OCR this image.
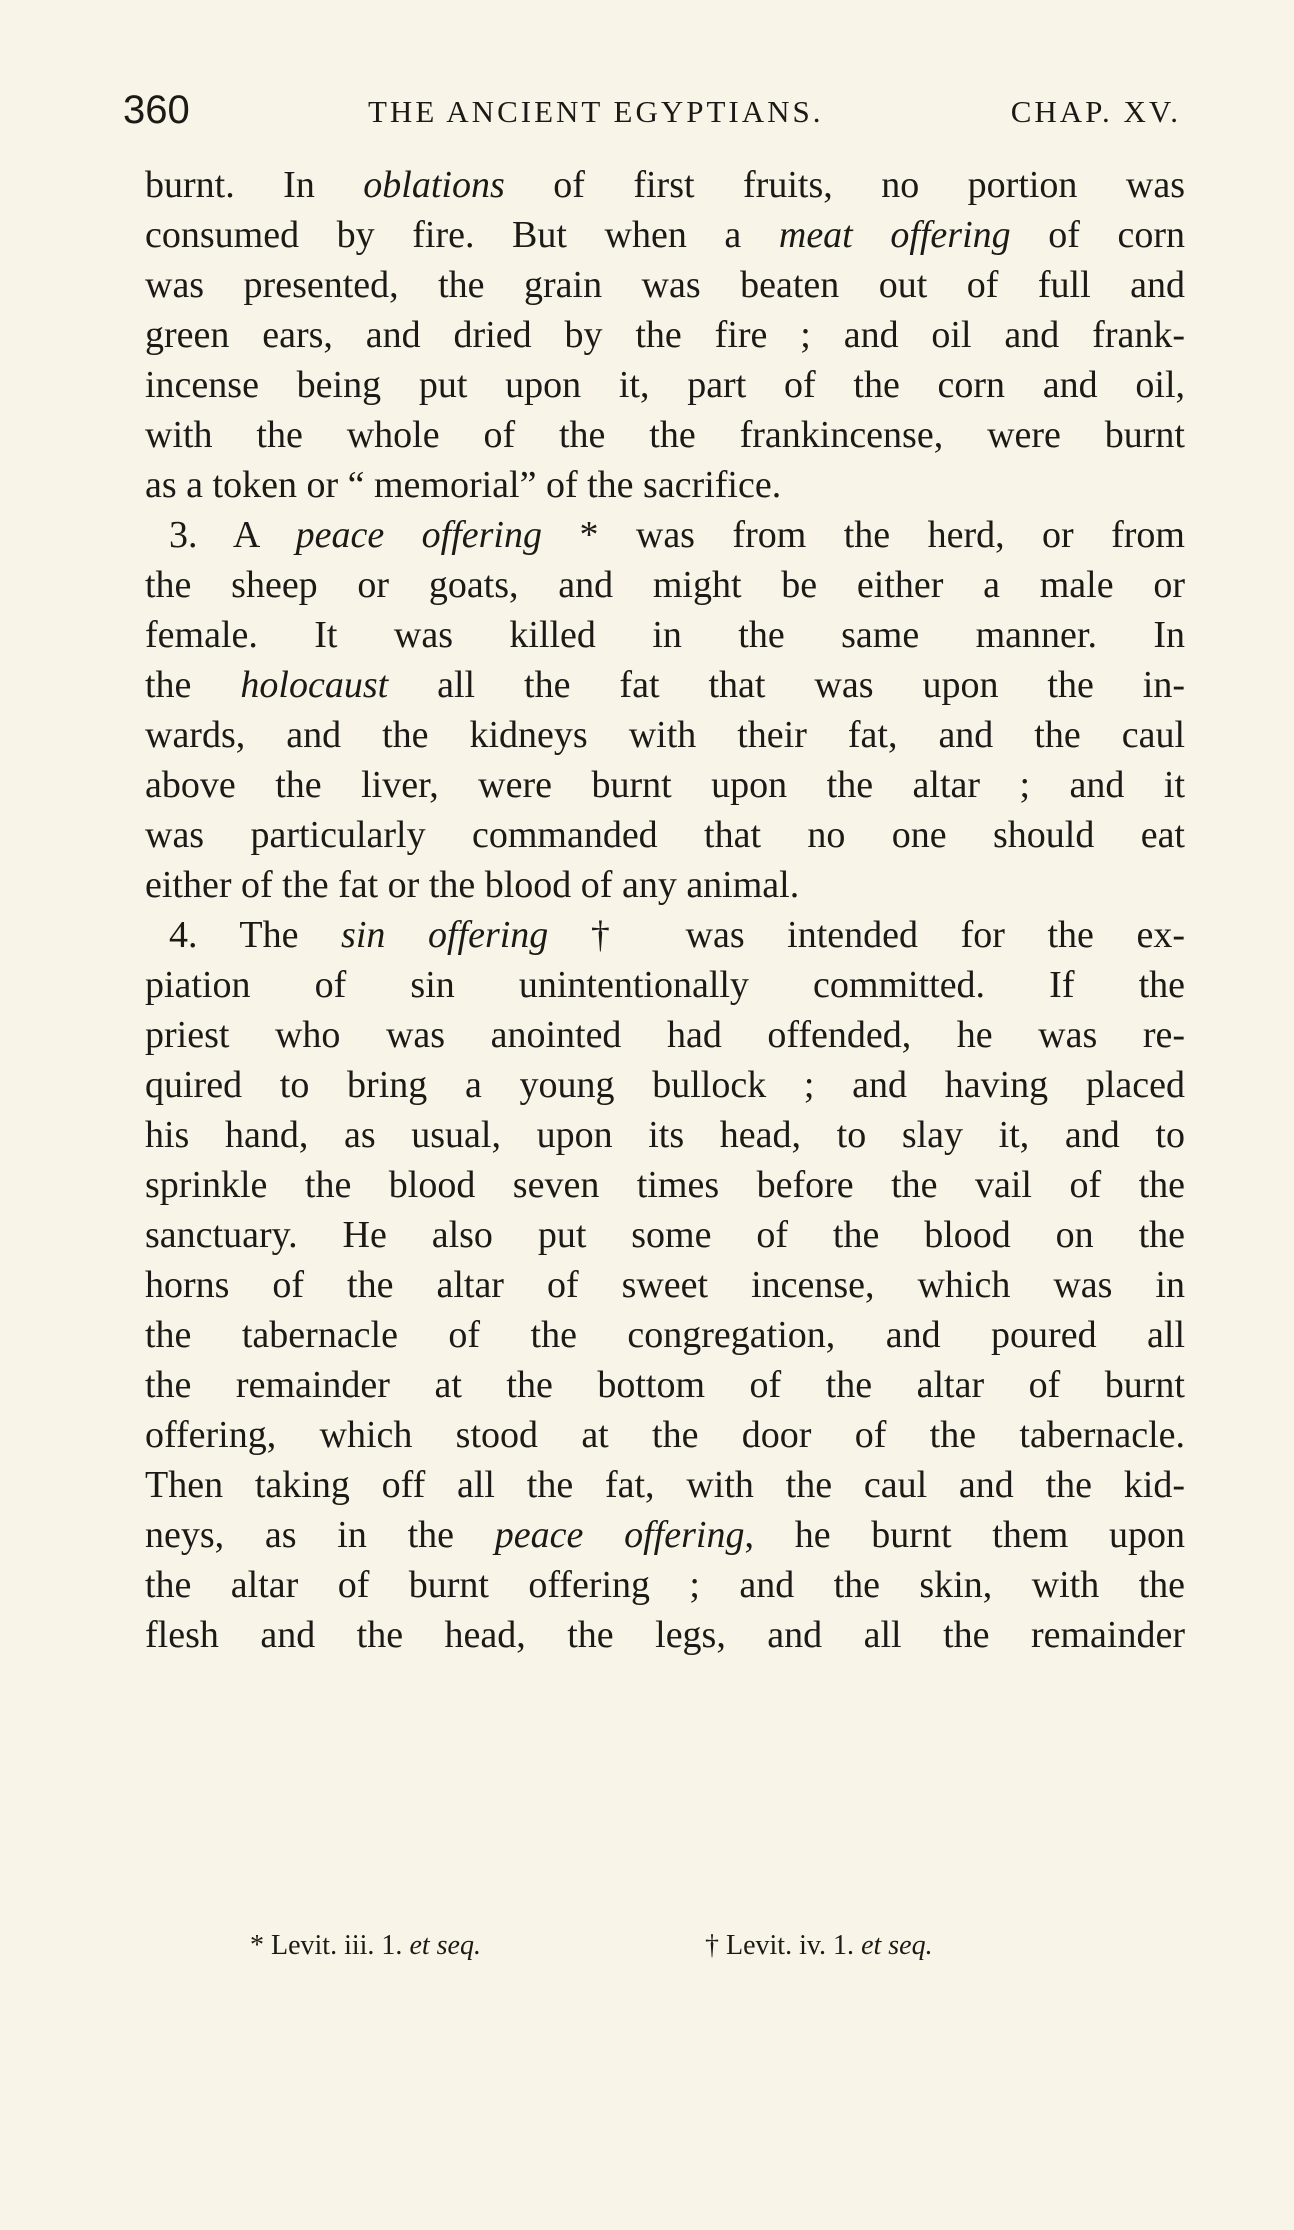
360	THE ANCIENT EGYPTIANS.	CHAP. XV.
burnt. In oblations of first fruits, no portion was
consumed by fire. But when a meat offering of corn
was presented, the grain was beaten out of full and
green ears, and dried by the fire ; and oil and frank-
incense being put upon it, part of the corn and oil,
with the whole of the the frankincense, were burnt
as a token or “ memorial” of the sacrifice.
3. A peace offering * was from the herd, or from
the sheep or goats, and might be either a male or
female. It was killed in the same manner. In
the holocaust all the fat that was upon the in-
wards, and the kidneys with their fat, and the caul
above the liver, were burnt upon the altar ; and it
was particularly commanded that no one should eat
either of the fat or the blood of any animal.
4. The sin offering † was intended for the ex-
piation of sin unintentionally committed. If the
priest who was anointed had offended, he was re-
quired to bring a young bullock ; and having placed
his hand, as usual, upon its head, to slay it, and to
sprinkle the blood seven times before the vail of the
sanctuary. He also put some of the blood on the
horns of the altar of sweet incense, which was in
the tabernacle of the congregation, and poured all
the remainder at the bottom of the altar of burnt
offering, which stood at the door of the tabernacle.
Then taking off all the fat, with the caul and the kid-
neys, as in the peace offering, he burnt them upon
the altar of burnt offering ; and the skin, with the
flesh and the head, the legs, and all the remainder
* Levit. iii. 1. et seq.	† Levit. iv. 1. et seq.
